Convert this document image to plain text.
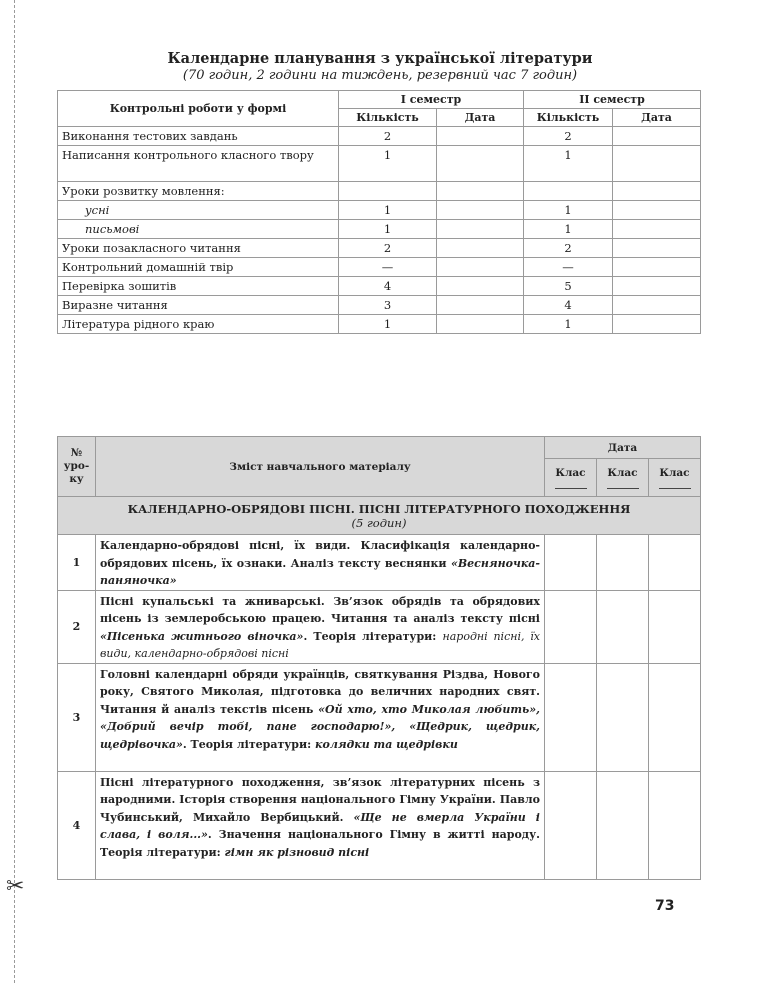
✂
Календарне планування з української літератури
(70 годин, 2 години на тиждень, резервний час 7 годин)
Контрольні роботи у формі	I семестр		II семестр	
	Кількість	Дата	Кількість	Дата
Виконання тестових завдань	2		2	
Написання контрольного класного твору	1		1	
Уроки розвитку мовлення:				
усні	1		1	
письмові	1		1	
Уроки позакласного читання	2		2	
Контрольний домашній твір	—		—	
Перевірка зошитів	4		5	
Виразне читання	3		4	
Література рідного краю	1		1	
№ уро-ку	Зміст навчального матеріалу	Дата		

		Клас	Клас	Клас

КАЛЕНДАРНО-ОБРЯДОВІ ПІСНІ. ПІСНІ ЛІТЕРАТУРНОГО ПОХОДЖЕННЯ
(5 годин)				

1	Календарно-обрядові пісні, їх види. Класифікація календарно-обрядових пісень, їх ознаки. Аналіз тексту веснянки «Весняночка-паняночка»			
2	Пісні купальські та жниварські. Зв’язок обрядів та обрядових пісень із землеробською працею. Читання та аналіз тексту пісні «Пісенька житнього віночка». Теорія літератури: народні пісні, їх види, календарно-обрядові пісні			
3	Головні календарні обряди українців, святкування Різдва, Нового року, Святого Миколая, підготовка до величних народних свят. Читання й аналіз текстів пісень «Ой хто, хто Миколая любить», «Добрий вечір тобі, пане господарю!», «Щедрик, щедрик, щедрівочка». Теорія літератури: колядки та щедрівки			
4	Пісні літературного походження, зв’язок літературних пісень з народними. Історія створення національного Гімну України. Павло Чубинський, Михайло Вербицький. «Ще не вмерла України і слава, і воля...». Значення національного Гімну в житті народу. Теорія літератури: гімн як різновид пісні			
73
